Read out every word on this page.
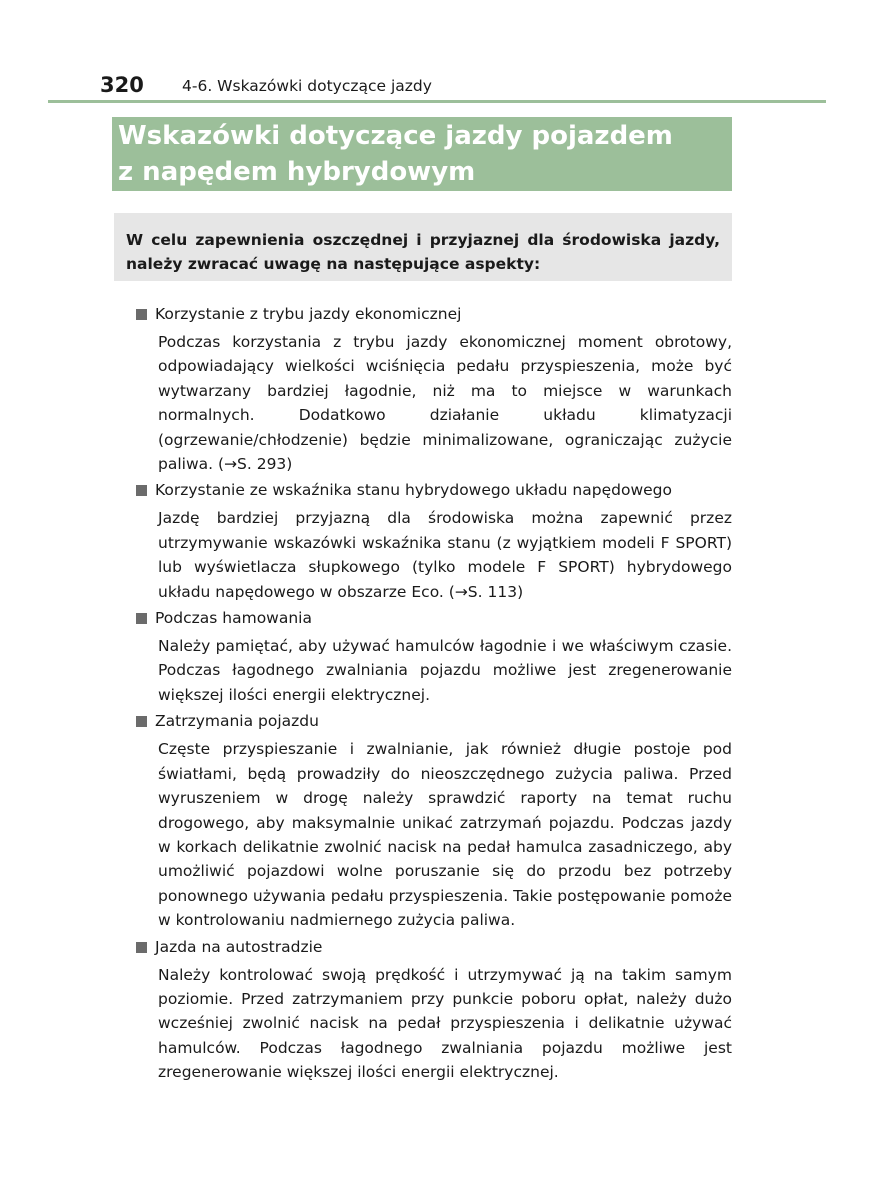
320 4-6. Wskazówki dotyczące jazdy
Wskazówki dotyczące jazdy pojazdem
z napędem hybrydowym
W celu zapewnienia oszczędnej i przyjaznej dla środowiska jazdy, należy zwracać uwagę na następujące aspekty:
Korzystanie z trybu jazdy ekonomicznej

Podczas korzystania z trybu jazdy ekonomicznej moment obrotowy, odpowiadający wielkości wciśnięcia pedału przyspieszenia, może być wytwarzany bardziej łagodnie, niż ma to miejsce w warunkach normalnych. Dodatkowo działanie układu klimatyzacji (ogrzewanie/chłodzenie) będzie minimalizowane, ograniczając zużycie paliwa. (→S. 293)

Korzystanie ze wskaźnika stanu hybrydowego układu napędowego

Jazdę bardziej przyjazną dla środowiska można zapewnić przez utrzymywanie wskazówki wskaźnika stanu (z wyjątkiem modeli F SPORT) lub wyświetlacza słupkowego (tylko modele F SPORT) hybrydowego układu napędowego w obszarze Eco. (→S. 113)

Podczas hamowania

Należy pamiętać, aby używać hamulców łagodnie i we właściwym czasie. Podczas łagodnego zwalniania pojazdu możliwe jest zregenerowanie większej ilości energii elektrycznej.

Zatrzymania pojazdu

Częste przyspieszanie i zwalnianie, jak również długie postoje pod światłami, będą prowadziły do nieoszczędnego zużycia paliwa. Przed wyruszeniem w drogę należy sprawdzić raporty na temat ruchu drogowego, aby maksymalnie unikać zatrzymań pojazdu. Podczas jazdy w korkach delikatnie zwolnić nacisk na pedał hamulca zasadniczego, aby umożliwić pojazdowi wolne poruszanie się do przodu bez potrzeby ponownego używania pedału przyspieszenia. Takie postępowanie pomoże w kontrolowaniu nadmiernego zużycia paliwa.

Jazda na autostradzie

Należy kontrolować swoją prędkość i utrzymywać ją na takim samym poziomie. Przed zatrzymaniem przy punkcie poboru opłat, należy dużo wcześniej zwolnić nacisk na pedał przyspieszenia i delikatnie używać hamulców. Podczas łagodnego zwalniania pojazdu możliwe jest zregenerowanie większej ilości energii elektrycznej.
